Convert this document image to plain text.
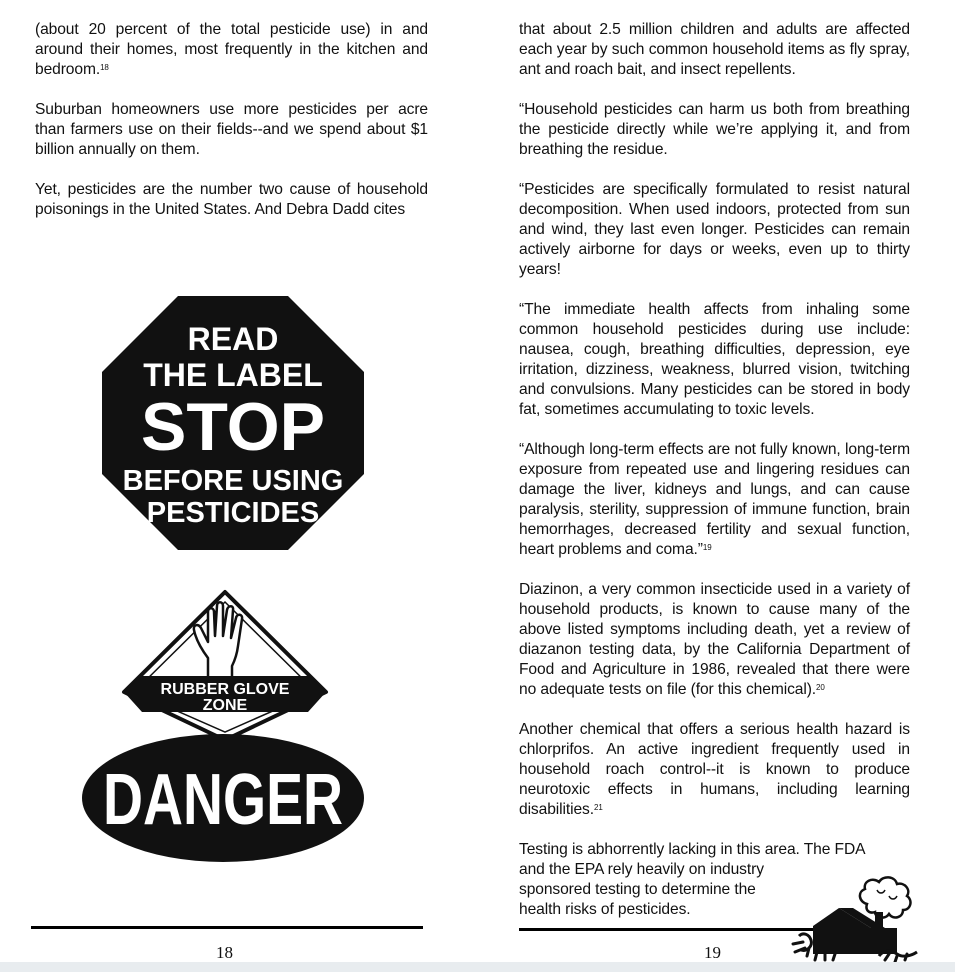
(about 20 percent of the total pesticide use) in and around their homes, most frequently in the kitchen and bedroom.$^{18}$

Suburban homeowners use more pesticides per acre than farmers use on their fields--and we spend about $1 billion annually on them.

Yet, pesticides are the number two cause of household poisonings in the United States. And Debra Dadd cites

READ
THE LABEL
STOP
BEFORE USING
PESTICIDES
RUBBER GLOVE
ZONE
DANGER
18

that about 2.5 million children and adults are affected each year by such common household items as fly spray, ant and roach bait, and insect repellents.

“Household pesticides can harm us both from breathing the pesticide directly while we’re applying it, and from breathing the residue.

“Pesticides are specifically formulated to resist natural decomposition. When used indoors, protected from sun and wind, they last even longer. Pesticides can remain actively airborne for days or weeks, even up to thirty years!

“The immediate health affects from inhaling some common household pesticides during use include: nausea, cough, breathing difficulties, depression, eye irritation, dizziness, weakness, blurred vision, twitching and convulsions. Many pesticides can be stored in body fat, sometimes accumulating to toxic levels.

“Although long-term effects are not fully known, long-term exposure from repeated use and lingering residues can damage the liver, kidneys and lungs, and can cause paralysis, sterility, suppression of immune function, brain hemorrhages, decreased fertility and sexual function, heart problems and coma.”$^{19}$

Diazinon, a very common insecticide used in a variety of household products, is known to cause many of the above listed symptoms including death, yet a review of diazanon testing data, by the California Department of Food and Agriculture in 1986, revealed that there were no adequate tests on file (for this chemical).$^{20}$

Another chemical that offers a serious health hazard is chlorprifos. An active ingredient frequently used in household roach control--it is known to produce neurotoxic effects in humans, including learning disabilities.$^{21}$

Testing is abhorrently lacking in this area. The FDA
and the EPA rely heavily on industry
sponsored testing to determine the
health risks of pesticides.

19
